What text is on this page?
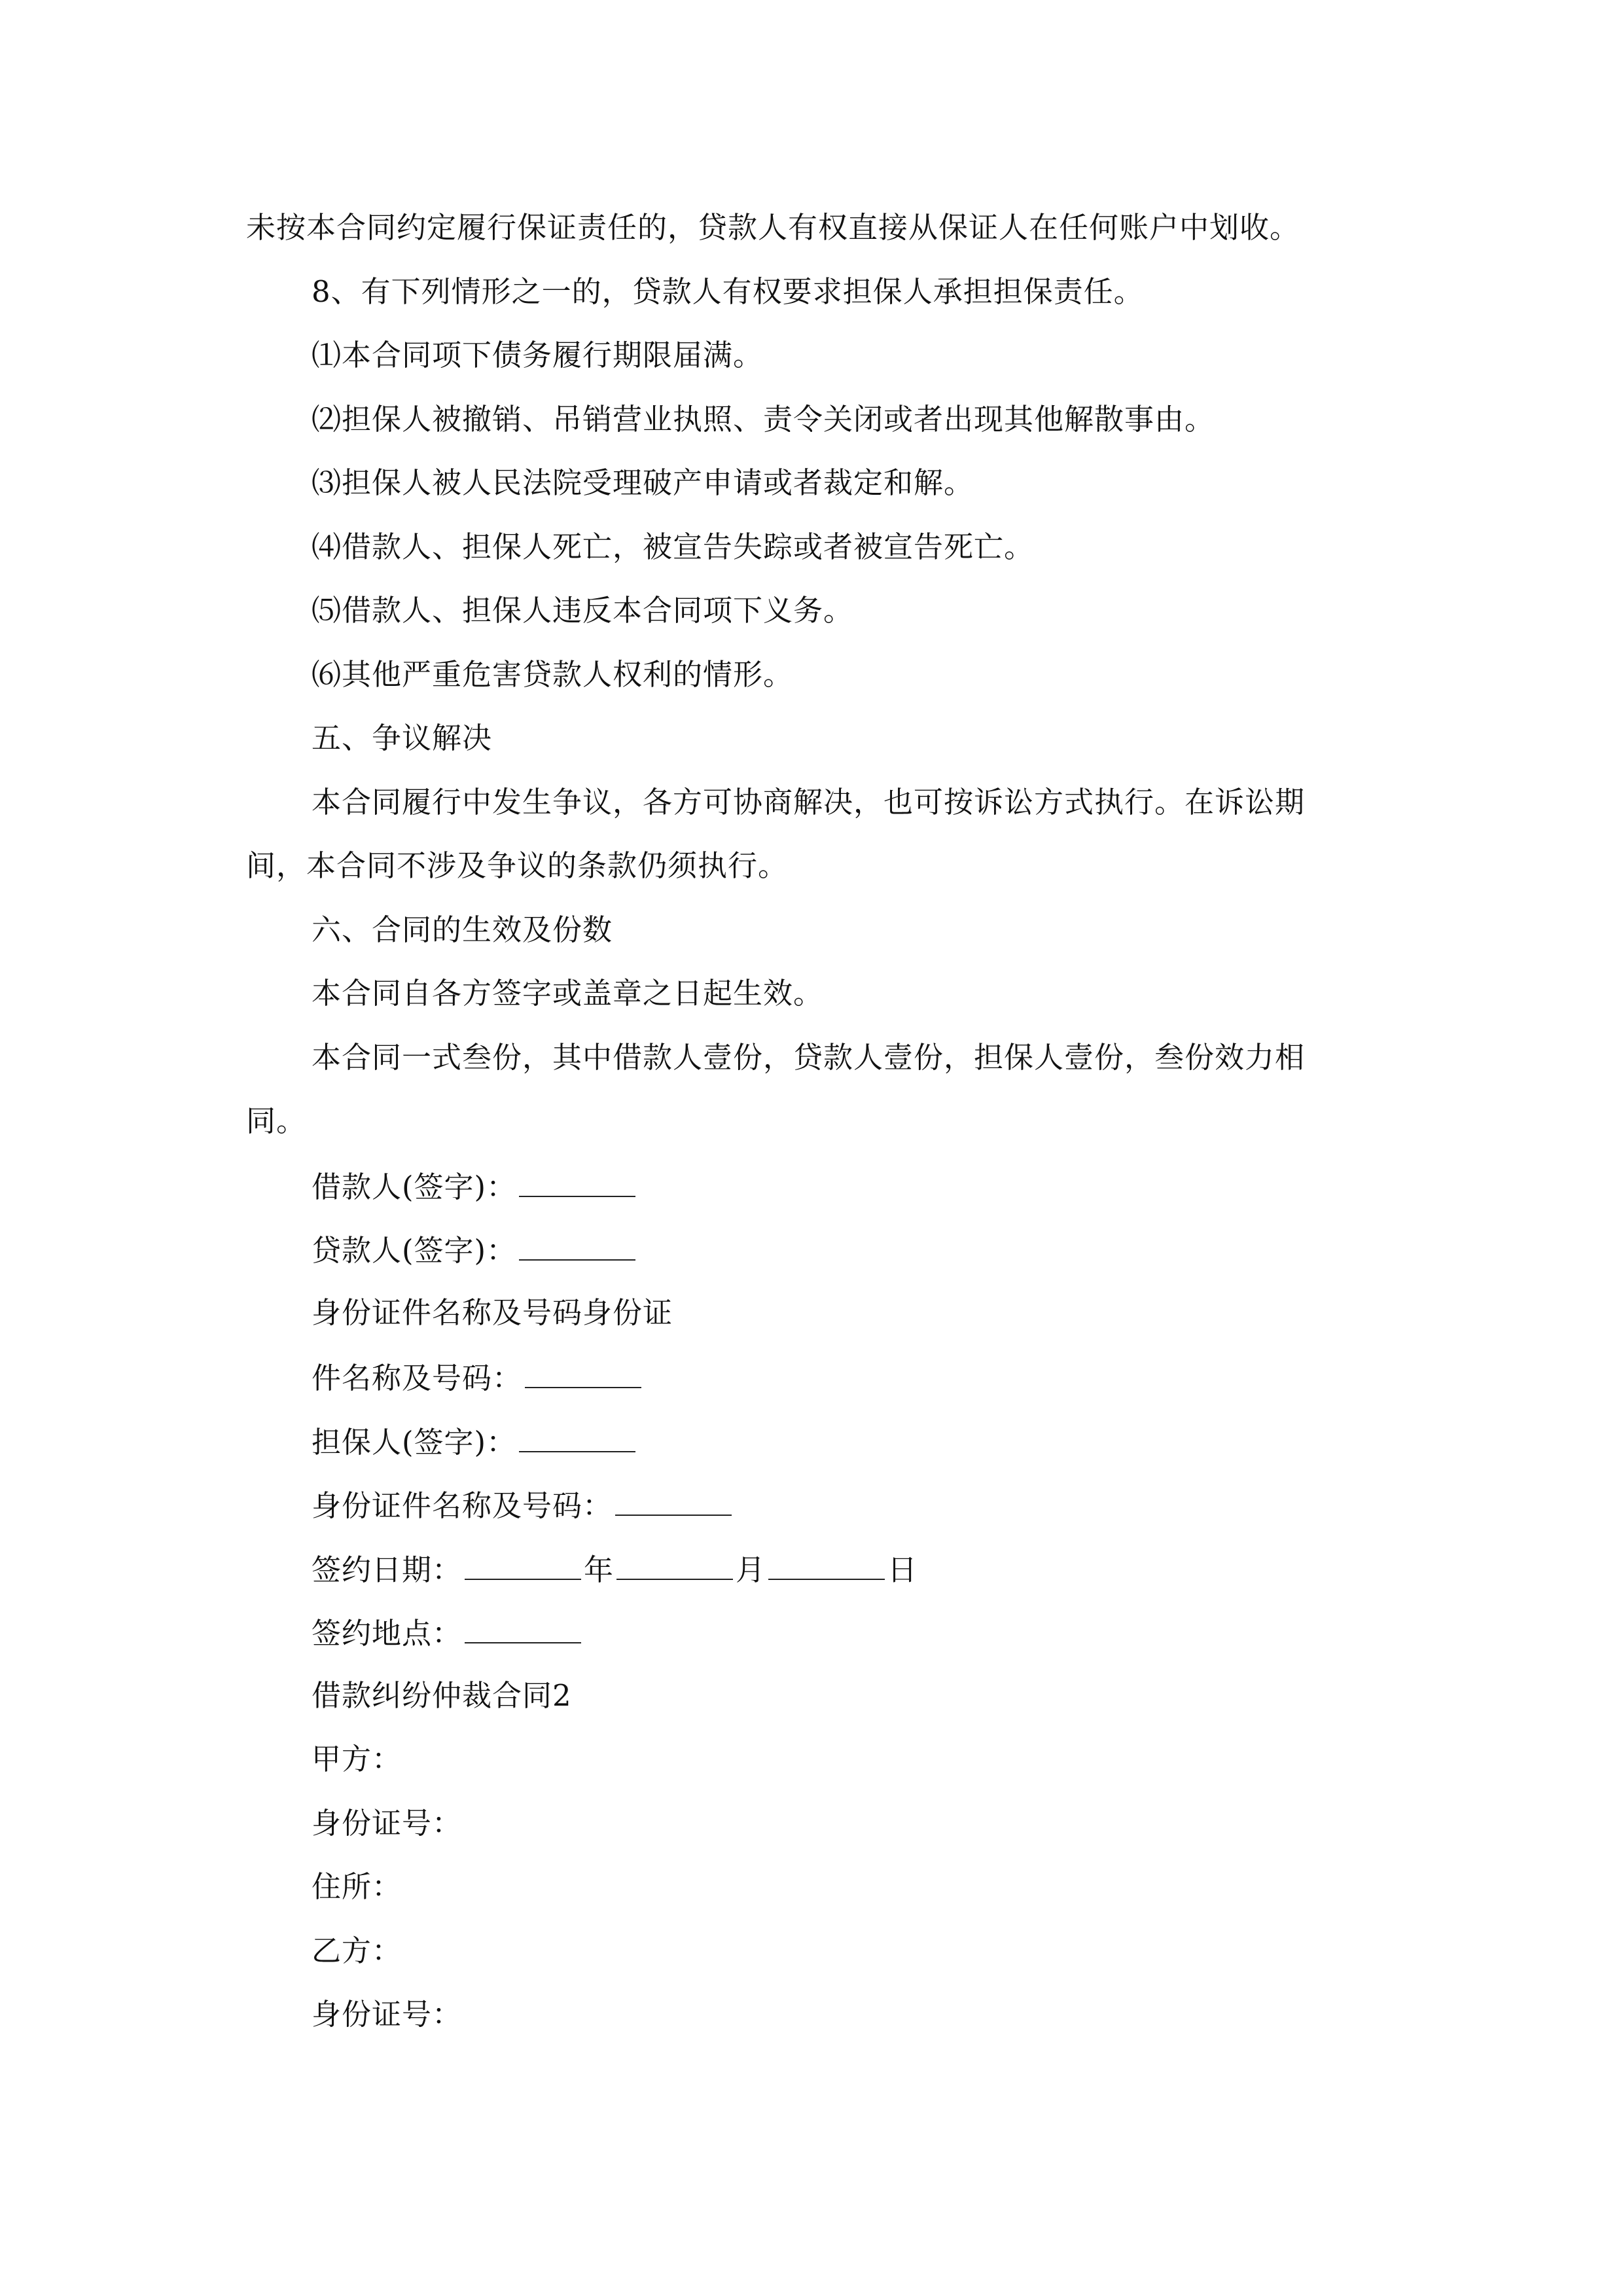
未按本合同约定履行保证责任的，贷款人有权直接从保证人在任何账户中划收。
8、有下列情形之一的，贷款人有权要求担保人承担担保责任。
⑴本合同项下债务履行期限届满。
⑵担保人被撤销、吊销营业执照、责令关闭或者出现其他解散事由。
⑶担保人被人民法院受理破产申请或者裁定和解。
⑷借款人、担保人死亡，被宣告失踪或者被宣告死亡。
⑸借款人、担保人违反本合同项下义务。
⑹其他严重危害贷款人权利的情形。
五、争议解决
本合同履行中发生争议，各方可协商解决，也可按诉讼方式执行。在诉讼期
间，本合同不涉及争议的条款仍须执行。
六、合同的生效及份数
本合同自各方签字或盖章之日起生效。
本合同一式叁份，其中借款人壹份，贷款人壹份，担保人壹份，叁份效力相
同。
借款人(签字)：
贷款人(签字)：
身份证件名称及号码身份证
件名称及号码：
担保人(签字)：
身份证件名称及号码：
签约日期：	年	月	日
签约地点：
借款纠纷仲裁合同2
甲方：
身份证号：
住所：
乙方：
身份证号：
